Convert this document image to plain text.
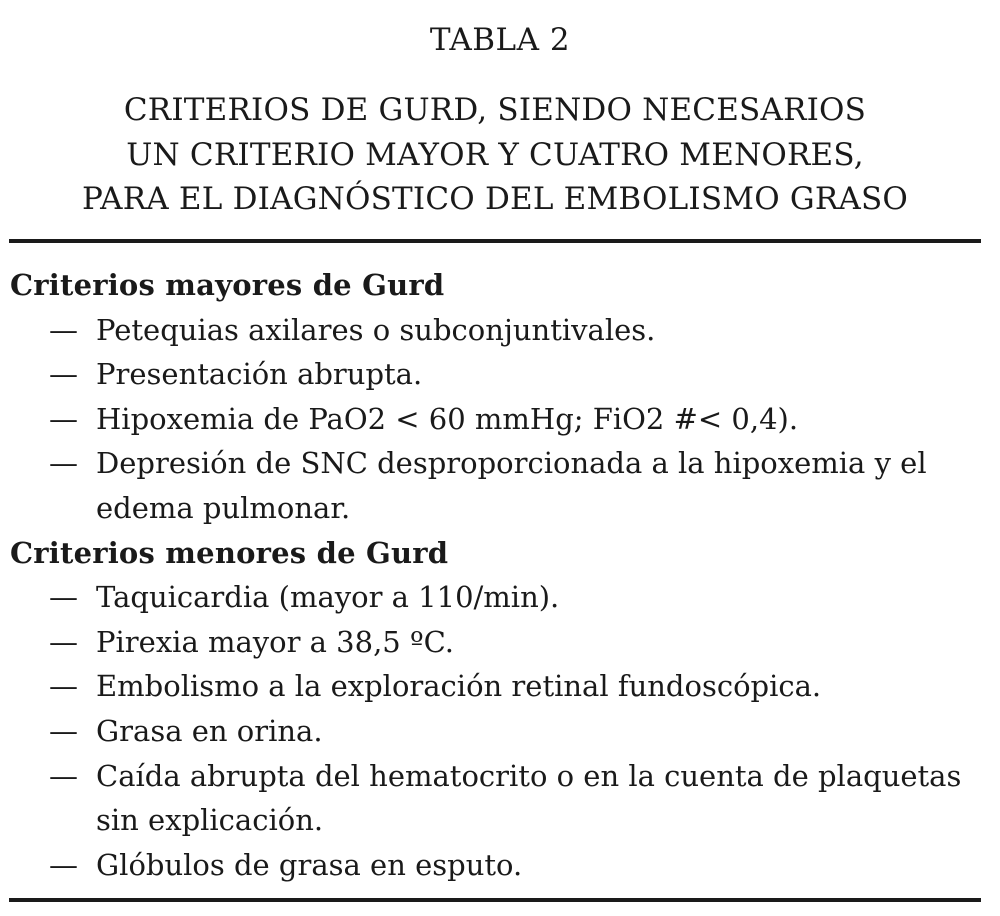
TABLA 2
CRITERIOS DE GURD, SIENDO NECESARIOS
UN CRITERIO MAYOR Y CUATRO MENORES,
PARA EL DIAGNÓSTICO DEL EMBOLISMO GRASO
Criterios mayores de Gurd
— Petequias axilares o subconjuntivales.
— Presentación abrupta.
— Hipoxemia de PaO2 < 60 mmHg; FiO2 #< 0,4).
— Depresión de SNC desproporcionada a la hipoxemia y el edema pulmonar.
Criterios menores de Gurd
— Taquicardia (mayor a 110/min).
— Pirexia mayor a 38,5 ºC.
— Embolismo a la exploración retinal fundoscópica.
— Grasa en orina.
— Caída abrupta del hematocrito o en la cuenta de plaquetas sin explicación.
— Glóbulos de grasa en esputo.
